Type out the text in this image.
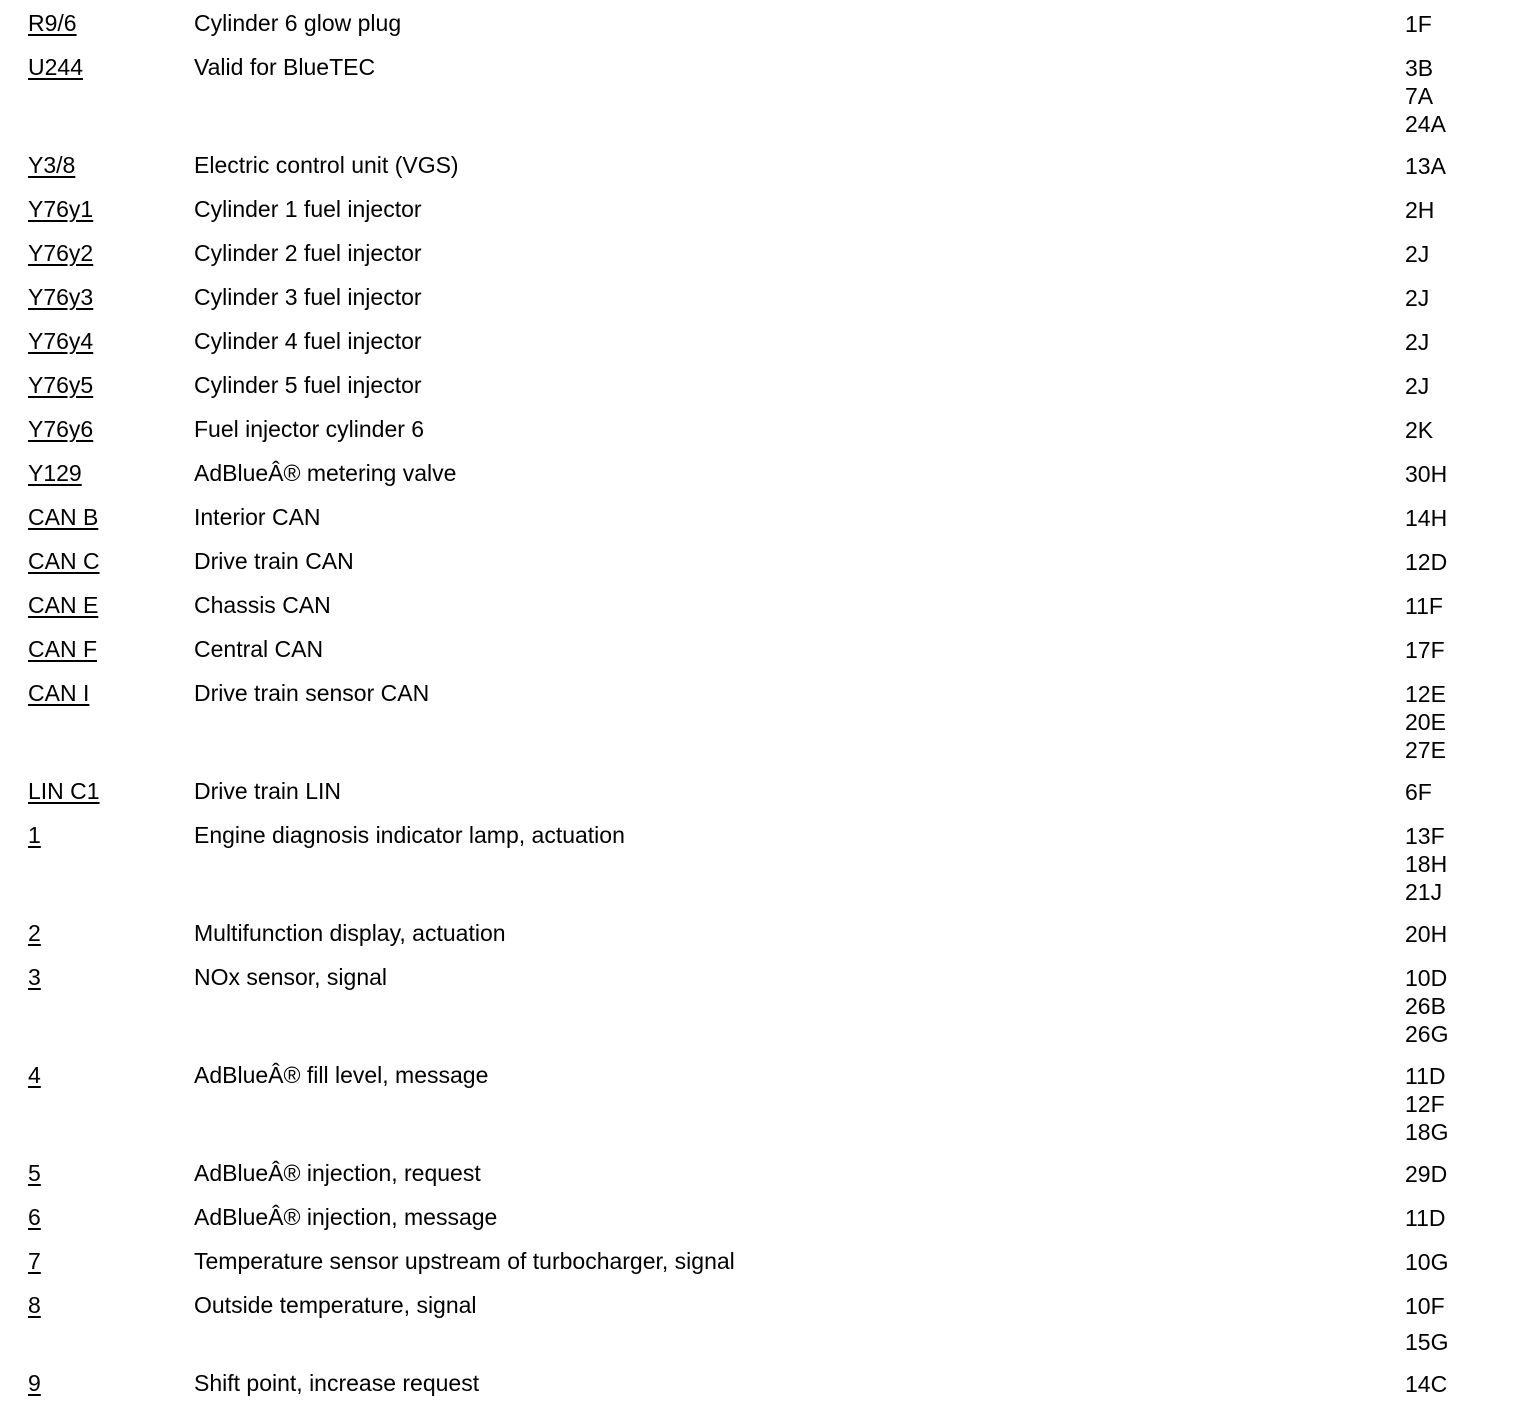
R9/6	Cylinder 6 glow plug	1F
U244	Valid for BlueTEC	3B
7A
24A
Y3/8	Electric control unit (VGS)	13A
Y76y1	Cylinder 1 fuel injector	2H
Y76y2	Cylinder 2 fuel injector	2J
Y76y3	Cylinder 3 fuel injector	2J
Y76y4	Cylinder 4 fuel injector	2J
Y76y5	Cylinder 5 fuel injector	2J
Y76y6	Fuel injector cylinder 6	2K
Y129	AdBlueÂ® metering valve	30H
CAN B	Interior CAN	14H
CAN C	Drive train CAN	12D
CAN E	Chassis CAN	11F
CAN F	Central CAN	17F
CAN I	Drive train sensor CAN	12E
20E
27E
LIN C1	Drive train LIN	6F
1	Engine diagnosis indicator lamp, actuation	13F
18H
21J
2	Multifunction display, actuation	20H
3	NOx sensor, signal	10D
26B
26G
4	AdBlueÂ® fill level, message	11D
12F
18G
5	AdBlueÂ® injection, request	29D
6	AdBlueÂ® injection, message	11D
7	Temperature sensor upstream of turbocharger, signal	10G
8	Outside temperature, signal	10F
15G
9	Shift point, increase request	14C
